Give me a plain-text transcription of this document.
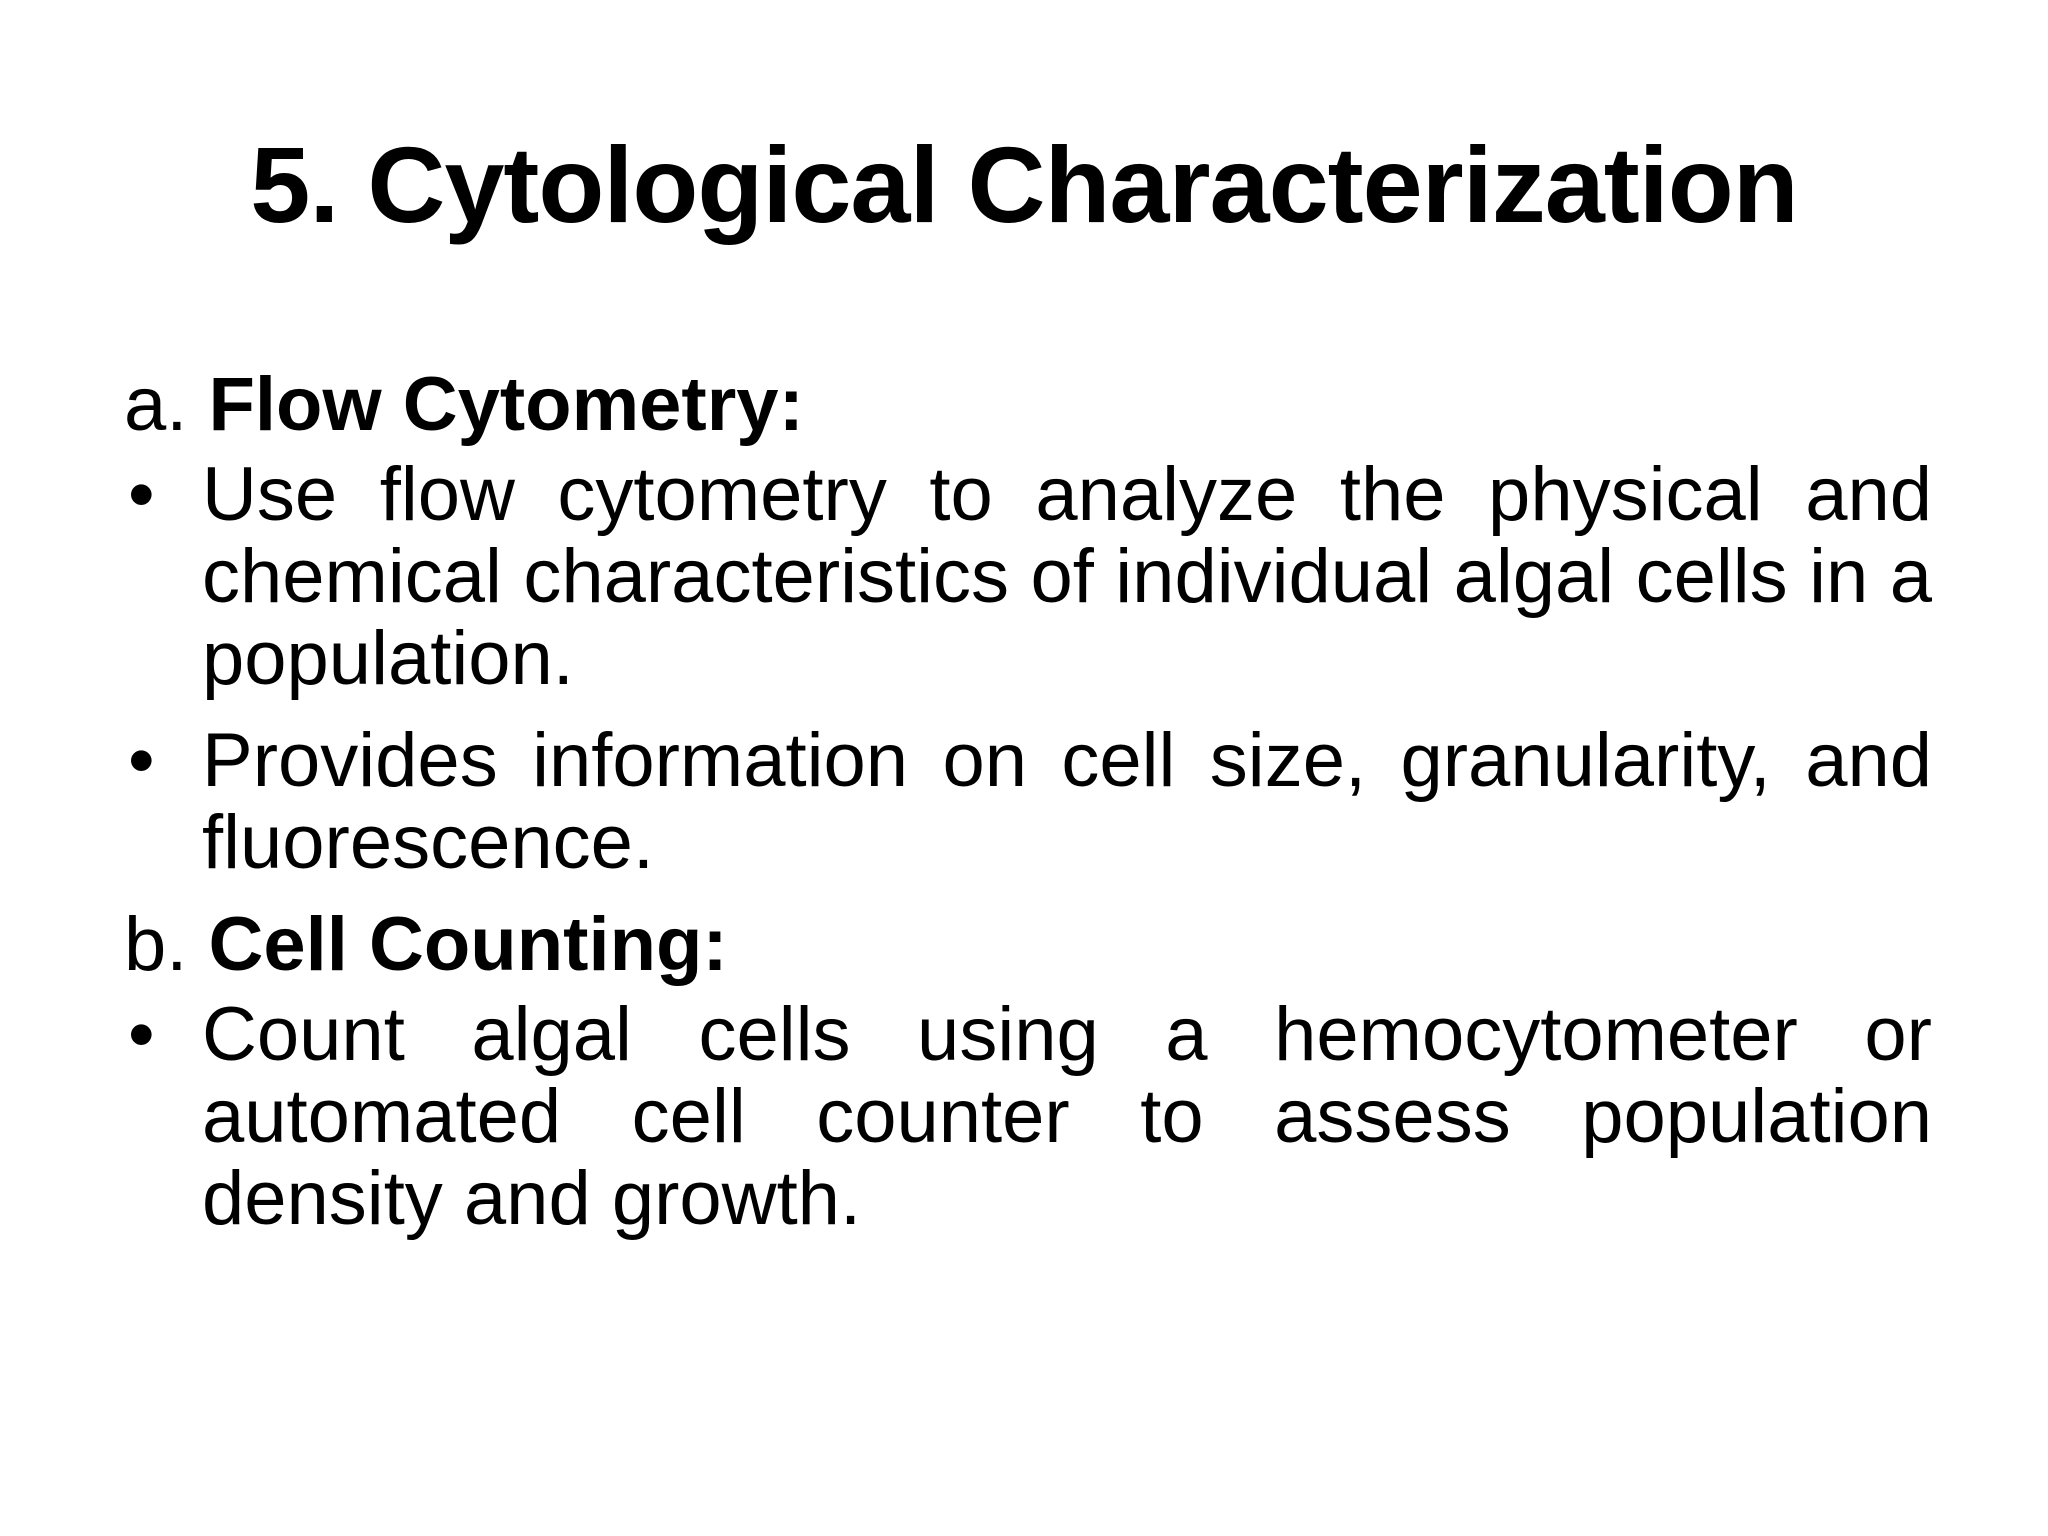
5. Cytological Characterization
a. Flow Cytometry:
• Use flow cytometry to analyze the physical and chemical characteristics of individual algal cells in a population.
• Provides information on cell size, granularity, and fluorescence.
b. Cell Counting:
• Count algal cells using a hemocytometer or automated cell counter to assess population density and growth.
